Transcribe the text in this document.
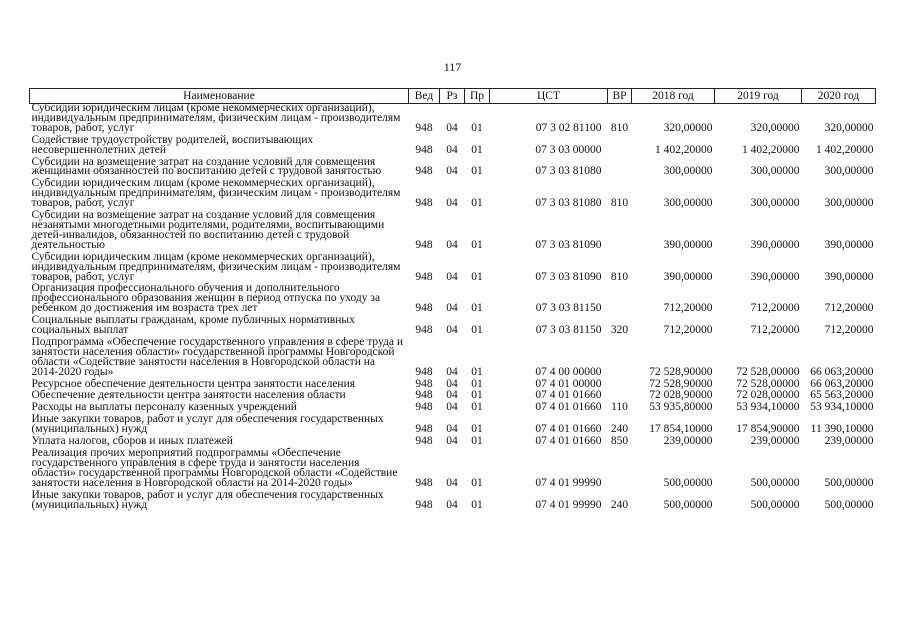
117
Наименование	Вед	Рз	Пр	ЦСТ	ВР	2018 год	2019 год	2020 год
Субсидии юридическим лицам (кроме некоммерческих организаций), индивидуальным предпринимателям, физическим лицам - производителям товаров, работ, услуг	948	04	01	07 3 02 81100	810	320,00000	320,00000	320,00000
Содействие трудоустройству родителей, воспитывающих несовершеннолетних детей	948	04	01	07 3 03 00000		1 402,20000	1 402,20000	1 402,20000
Субсидии на возмещение затрат на создание условий для совмещения женщинами обязанностей по воспитанию детей с трудовой занятостью	948	04	01	07 3 03 81080		300,00000	300,00000	300,00000
Субсидии юридическим лицам (кроме некоммерческих организаций), индивидуальным предпринимателям, физическим лицам - производителям товаров, работ, услуг	948	04	01	07 3 03 81080	810	300,00000	300,00000	300,00000
Субсидии на возмещение затрат на создание условий для совмещения незанятыми многодетными родителями, родителями, воспитывающими детей-инвалидов, обязанностей по воспитанию детей с трудовой деятельностью	948	04	01	07 3 03 81090		390,00000	390,00000	390,00000
Субсидии юридическим лицам (кроме некоммерческих организаций), индивидуальным предпринимателям, физическим лицам - производителям товаров, работ, услуг	948	04	01	07 3 03 81090	810	390,00000	390,00000	390,00000
Организация профессионального обучения и дополнительного профессионального образования женщин в период отпуска по уходу за ребенком до достижения им возраста трех лет	948	04	01	07 3 03 81150		712,20000	712,20000	712,20000
Социальные выплаты гражданам, кроме публичных нормативных социальных выплат	948	04	01	07 3 03 81150	320	712,20000	712,20000	712,20000
Подпрограмма «Обеспечение государственного управления в сфере труда и занятости населения области» государственной программы Новгородской области «Содействие занятости населения в Новгородской области на 2014-2020 годы»	948	04	01	07 4 00 00000		72 528,90000	72 528,00000	66 063,20000
Ресурсное обеспечение деятельности центра занятости населения	948	04	01	07 4 01 00000		72 528,90000	72 528,00000	66 063,20000
Обеспечение деятельности центра занятости населения области	948	04	01	07 4 01 01660		72 028,90000	72 028,00000	65 563,20000
Расходы на выплаты персоналу казенных учреждений	948	04	01	07 4 01 01660	110	53 935,80000	53 934,10000	53 934,10000
Иные закупки товаров, работ и услуг для обеспечения государственных (муниципальных) нужд	948	04	01	07 4 01 01660	240	17 854,10000	17 854,90000	11 390,10000
Уплата налогов, сборов и иных платежей	948	04	01	07 4 01 01660	850	239,00000	239,00000	239,00000
Реализация прочих мероприятий подпрограммы «Обеспечение государственного управления в сфере труда и занятости населения области» государственной программы Новгородской области «Содействие занятости населения в Новгородской области на 2014-2020 годы»	948	04	01	07 4 01 99990		500,00000	500,00000	500,00000
Иные закупки товаров, работ и услуг для обеспечения государственных (муниципальных) нужд	948	04	01	07 4 01 99990	240	500,00000	500,00000	500,00000
